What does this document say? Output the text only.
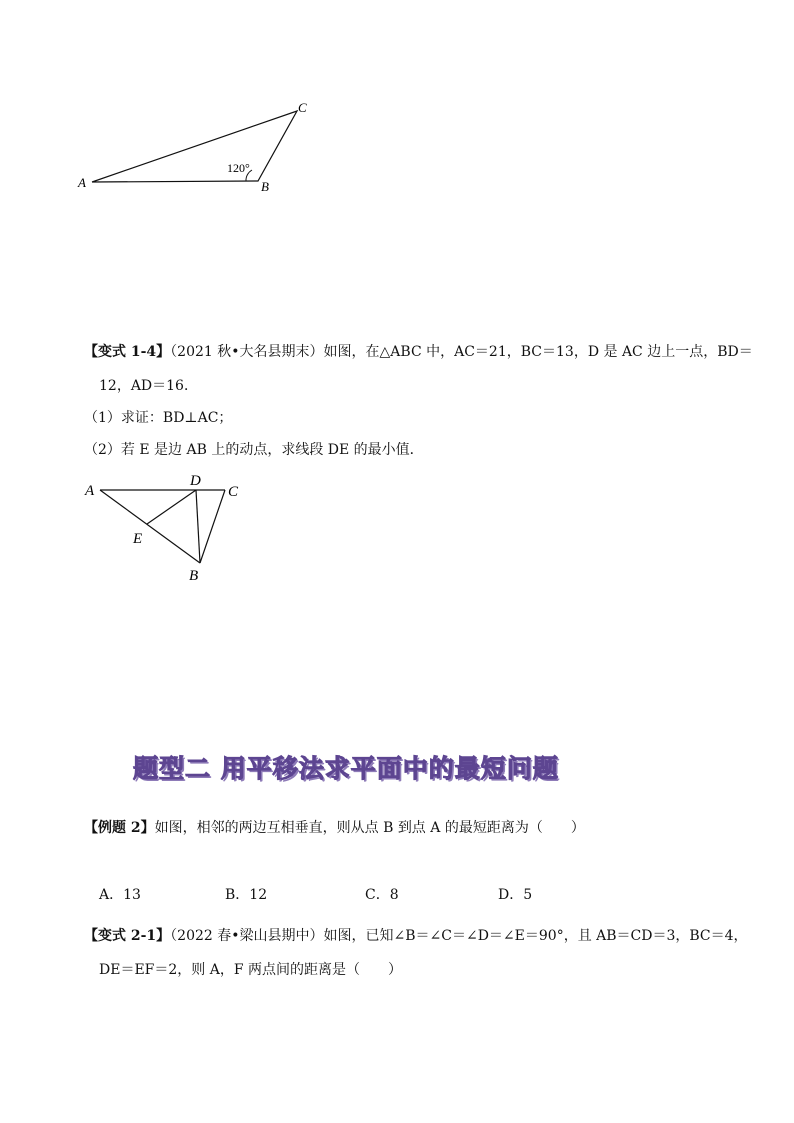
A	B
C
120°
【变式 1-4】（2021 秋•大名县期末）如图，在△ABC 中，AC＝21，BC＝13，D 是 AC 边上一点，BD＝
12，AD＝16．
（1）求证：BD⊥AC；
（2）若 E 是边 AB 上的动点，求线段 DE 的最小值．
A
D
C
E
B
题型二 用平移法求平面中的最短问题
【例题 2】如图，相邻的两边互相垂直，则从点 B 到点 A 的最短距离为（　　）
A．13	B．12	C．8	D．5
【变式 2-1】（2022 春•梁山县期中）如图，已知∠B＝∠C＝∠D＝∠E＝90°，且 AB＝CD＝3，BC＝4，
DE＝EF＝2，则 A，F 两点间的距离是（　　）
